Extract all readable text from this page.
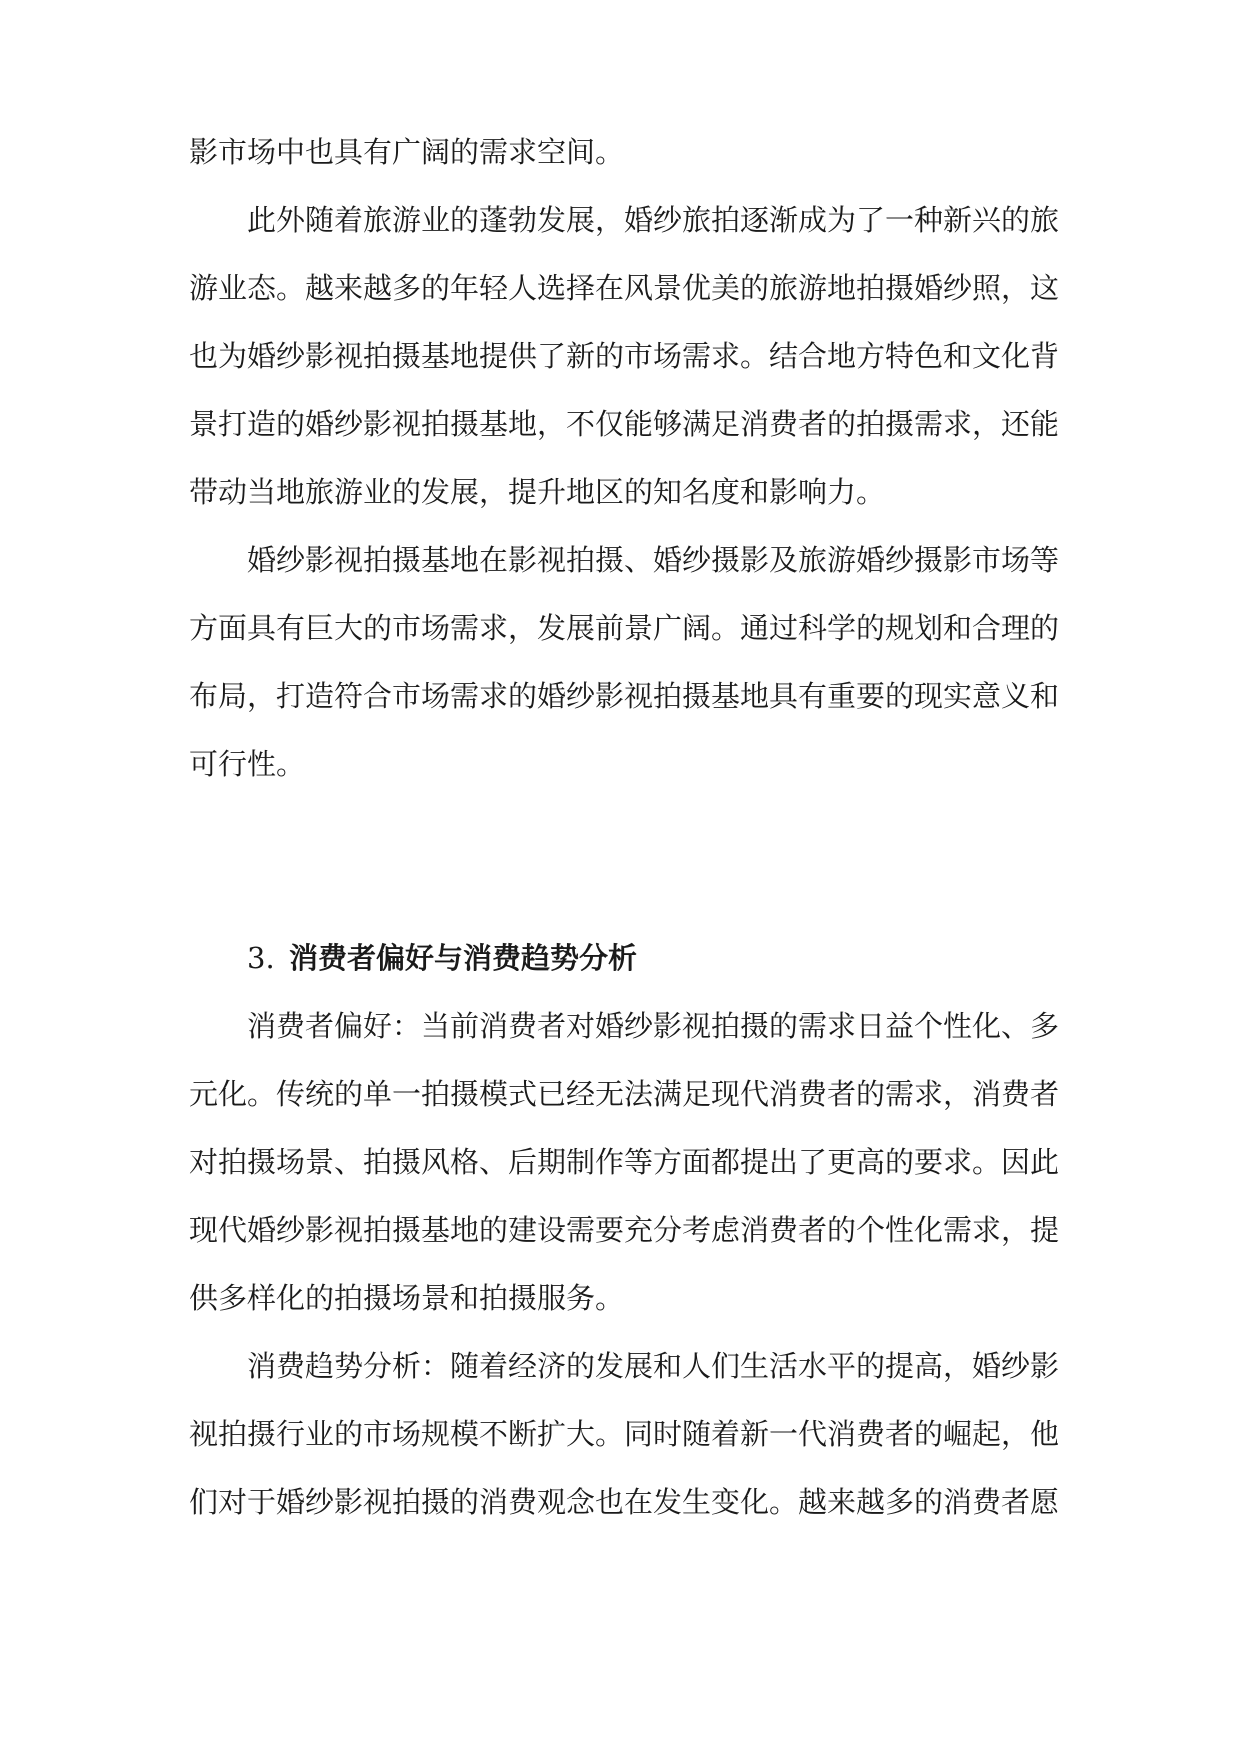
影市场中也具有广阔的需求空间。
此外随着旅游业的蓬勃发展，婚纱旅拍逐渐成为了一种新兴的旅
游业态。越来越多的年轻人选择在风景优美的旅游地拍摄婚纱照，这
也为婚纱影视拍摄基地提供了新的市场需求。结合地方特色和文化背
景打造的婚纱影视拍摄基地，不仅能够满足消费者的拍摄需求，还能
带动当地旅游业的发展，提升地区的知名度和影响力。
婚纱影视拍摄基地在影视拍摄、婚纱摄影及旅游婚纱摄影市场等
方面具有巨大的市场需求，发展前景广阔。通过科学的规划和合理的
布局，打造符合市场需求的婚纱影视拍摄基地具有重要的现实意义和
可行性。
3. 消费者偏好与消费趋势分析
消费者偏好：当前消费者对婚纱影视拍摄的需求日益个性化、多
元化。传统的单一拍摄模式已经无法满足现代消费者的需求，消费者
对拍摄场景、拍摄风格、后期制作等方面都提出了更高的要求。因此
现代婚纱影视拍摄基地的建设需要充分考虑消费者的个性化需求，提
供多样化的拍摄场景和拍摄服务。
消费趋势分析：随着经济的发展和人们生活水平的提高，婚纱影
视拍摄行业的市场规模不断扩大。同时随着新一代消费者的崛起，他
们对于婚纱影视拍摄的消费观念也在发生变化。越来越多的消费者愿
